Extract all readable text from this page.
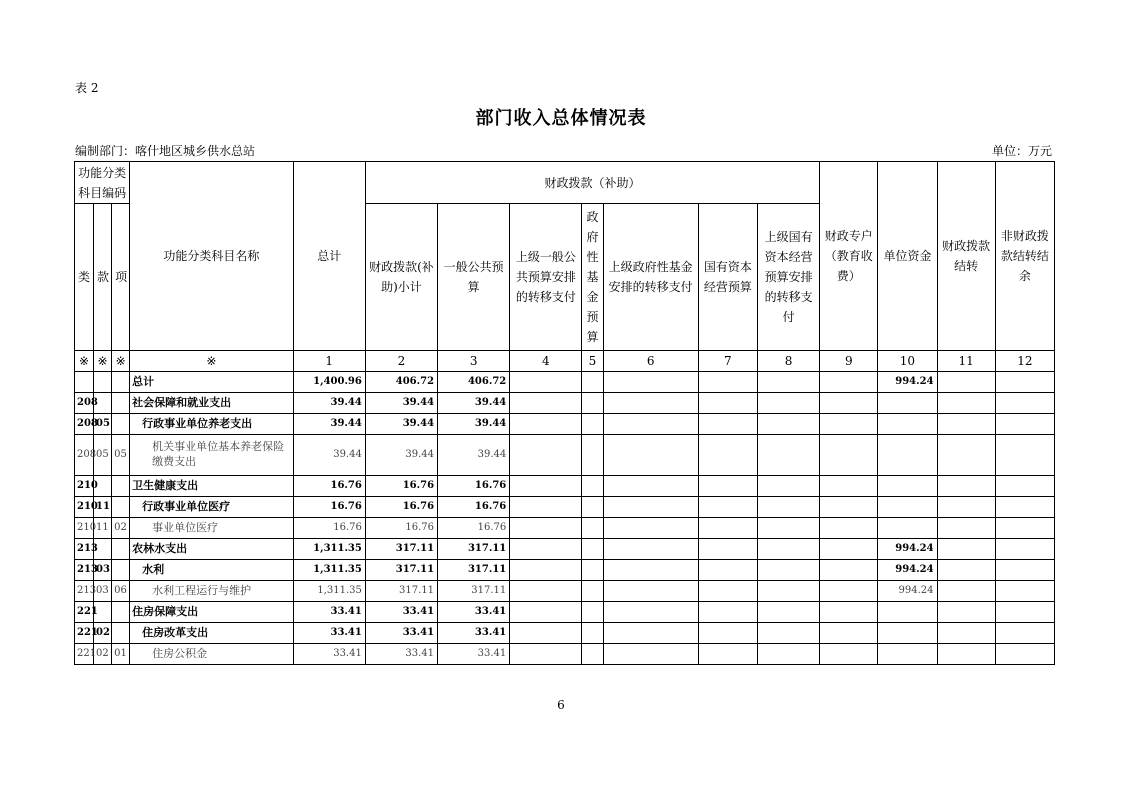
表 2
部门收入总体情况表
编制部门：喀什地区城乡供水总站	单位：万元
功能分类科目编码			功能分类科目名称	总计	财政拨款（补助）							财政专户（教育收费）	单位资金	财政拨款结转	非财政拨款结转结余
类	款	项			财政拨款(补助)小计	一般公共预算	上级一般公共预算安排的转移支付	政府性基金预算	上级政府性基金安排的转移支付	国有资本经营预算	上级国有资本经营预算安排的转移支付				
※	※	※	※	1	2	3	4	5	6	7	8	9	10	11	12
			总计	1,400.96	406.72	406.72							994.24		
208			社会保障和就业支出	39.44	39.44	39.44									
208	05		行政事业单位养老支出	39.44	39.44	39.44									
208	05	05	机关事业单位基本养老保险缴费支出	39.44	39.44	39.44									
210			卫生健康支出	16.76	16.76	16.76									
210	11		行政事业单位医疗	16.76	16.76	16.76									
210	11	02	事业单位医疗	16.76	16.76	16.76									
213			农林水支出	1,311.35	317.11	317.11							994.24		
213	03		水利	1,311.35	317.11	317.11							994.24		
213	03	06	水利工程运行与维护	1,311.35	317.11	317.11							994.24		
221			住房保障支出	33.41	33.41	33.41									
221	02		住房改革支出	33.41	33.41	33.41									
221	02	01	住房公积金	33.41	33.41	33.41									
6
